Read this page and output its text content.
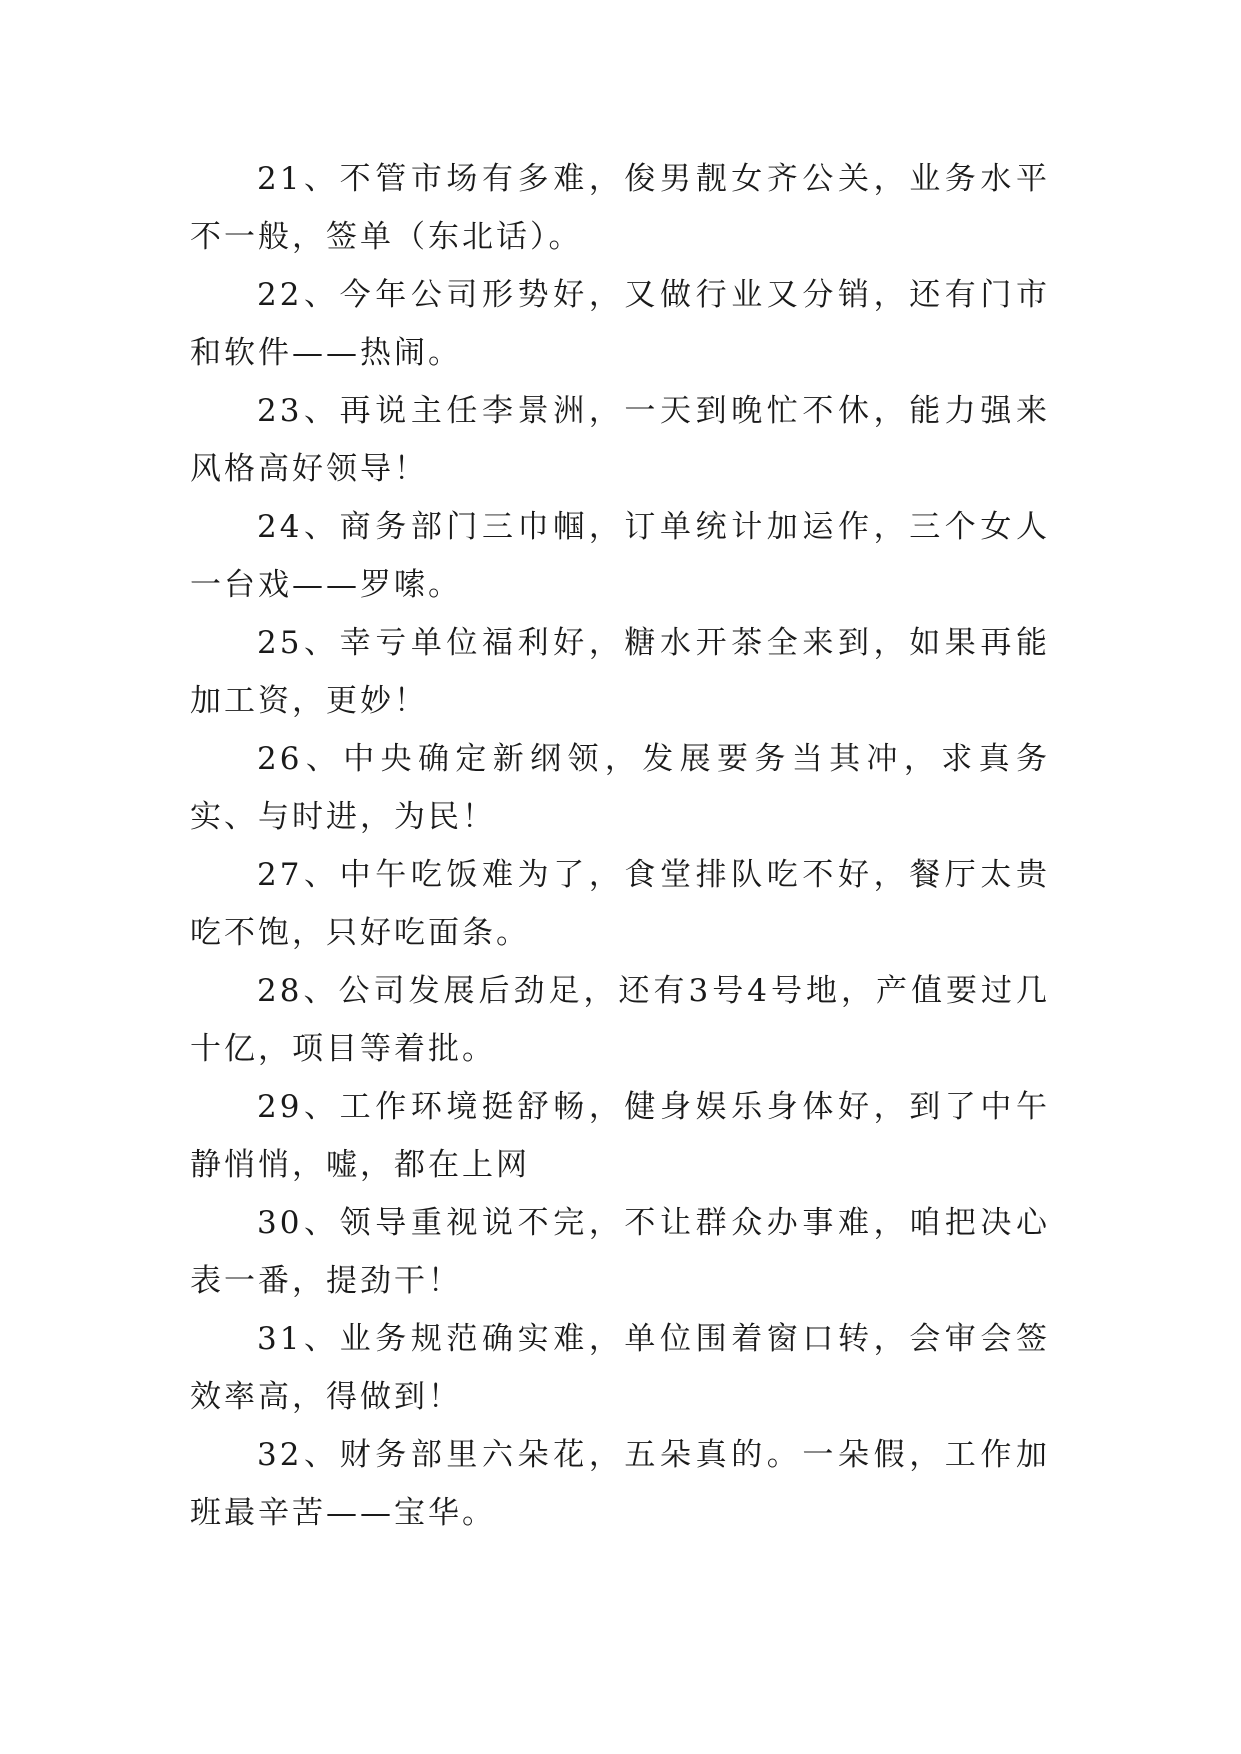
21、不管市场有多难，俊男靓女齐公关，业务水平不一般，签单（东北话）。

22、今年公司形势好，又做行业又分销，还有门市和软件——热闹。

23、再说主任李景洲，一天到晚忙不休，能力强来风格高好领导！

24、商务部门三巾帼，订单统计加运作，三个女人一台戏——罗嗦。

25、幸亏单位福利好，糖水开茶全来到，如果再能加工资，更妙！

26、中央确定新纲领，发展要务当其冲，求真务实、与时进，为民！

27、中午吃饭难为了，食堂排队吃不好，餐厅太贵吃不饱，只好吃面条。

28、公司发展后劲足，还有3号4号地，产值要过几十亿，项目等着批。

29、工作环境挺舒畅，健身娱乐身体好，到了中午静悄悄，嘘，都在上网

30、领导重视说不完，不让群众办事难，咱把决心表一番，提劲干！

31、业务规范确实难，单位围着窗口转，会审会签效率高，得做到！

32、财务部里六朵花，五朵真的。一朵假，工作加班最辛苦——宝华。
